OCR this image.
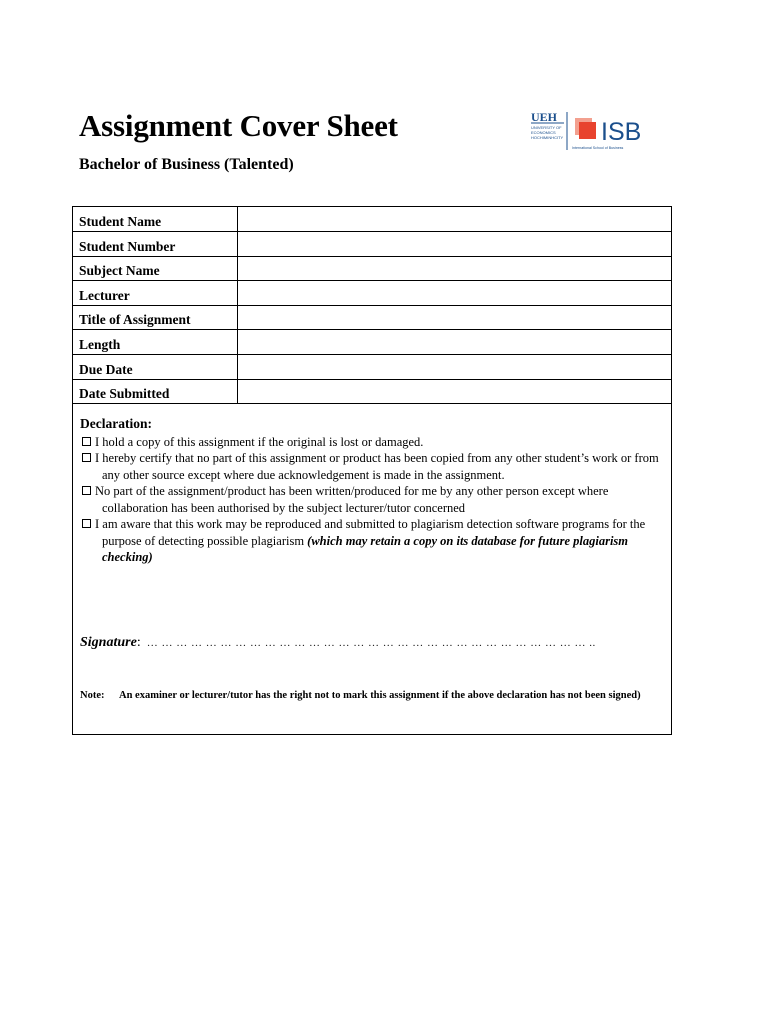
Assignment Cover Sheet
Bachelor of Business (Talented)
UEH
UNIVERSITY OF
ECONOMICS
HOCHIMINHCITY ISB
International School of Business
Student Name	
Student Number	
Subject Name	
Lecturer	
Title of Assignment	
Length	
Due Date	
Date Submitted	
Declaration:

I hold a copy of this assignment if the original is lost or damaged.

I hereby certify that no part of this assignment or product has been copied from any other student’s work or from any other source except where due acknowledgement is made in the assignment.

No part of the assignment/product has been written/produced for me by any other person except where collaboration has been authorised by the subject lecturer/tutor concerned

I am aware that this work may be reproduced and submitted to plagiarism detection software programs for the purpose of detecting possible plagiarism (which may retain a copy on its database for future plagiarism checking)

Signature: … … … … … … … … … … … … … … … … … … … … … … … … … … … … … … ..
Note: An examiner or lecturer/tutor has the right not to mark this assignment if the above declaration has not been signed)
